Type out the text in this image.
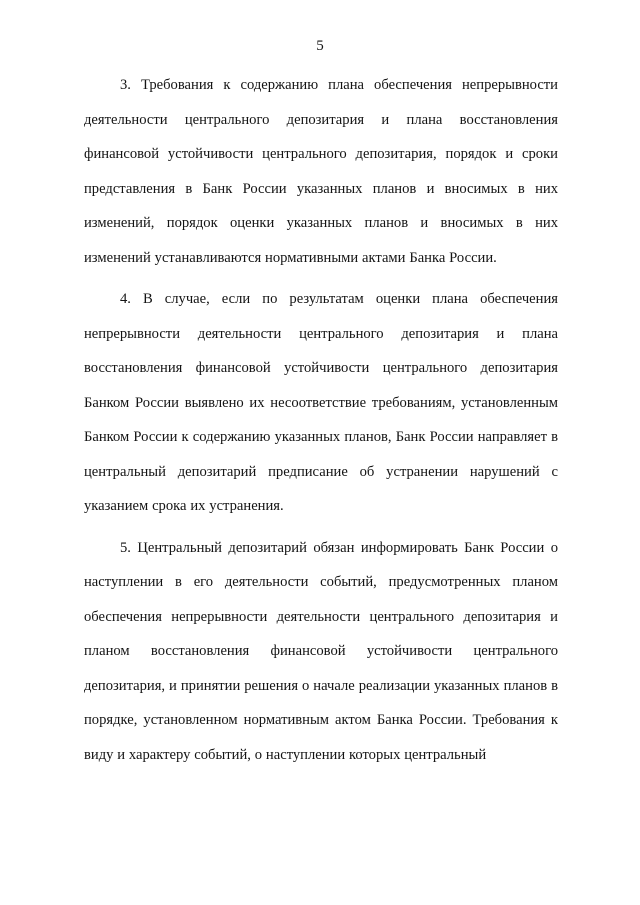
5

3. Требования к содержанию плана обеспечения непрерывности деятельности центрального депозитария и плана восстановления финансовой устойчивости центрального депозитария, порядок и сроки представления в Банк России указанных планов и вносимых в них изменений, порядок оценки указанных планов и вносимых в них изменений устанавливаются нормативными актами Банка России.

4. В случае, если по результатам оценки плана обеспечения непрерывности деятельности центрального депозитария и плана восстановления финансовой устойчивости центрального депозитария Банком России выявлено их несоответствие требованиям, установленным Банком России к содержанию указанных планов, Банк России направляет в центральный депозитарий предписание об устранении нарушений с указанием срока их устранения.

5. Центральный депозитарий обязан информировать Банк России о наступлении в его деятельности событий, предусмотренных планом обеспечения непрерывности деятельности центрального депозитария и планом восстановления финансовой устойчивости центрального депозитария, и принятии решения о начале реализации указанных планов в порядке, установленном нормативным актом Банка России. Требования к виду и характеру событий, о наступлении которых центральный
